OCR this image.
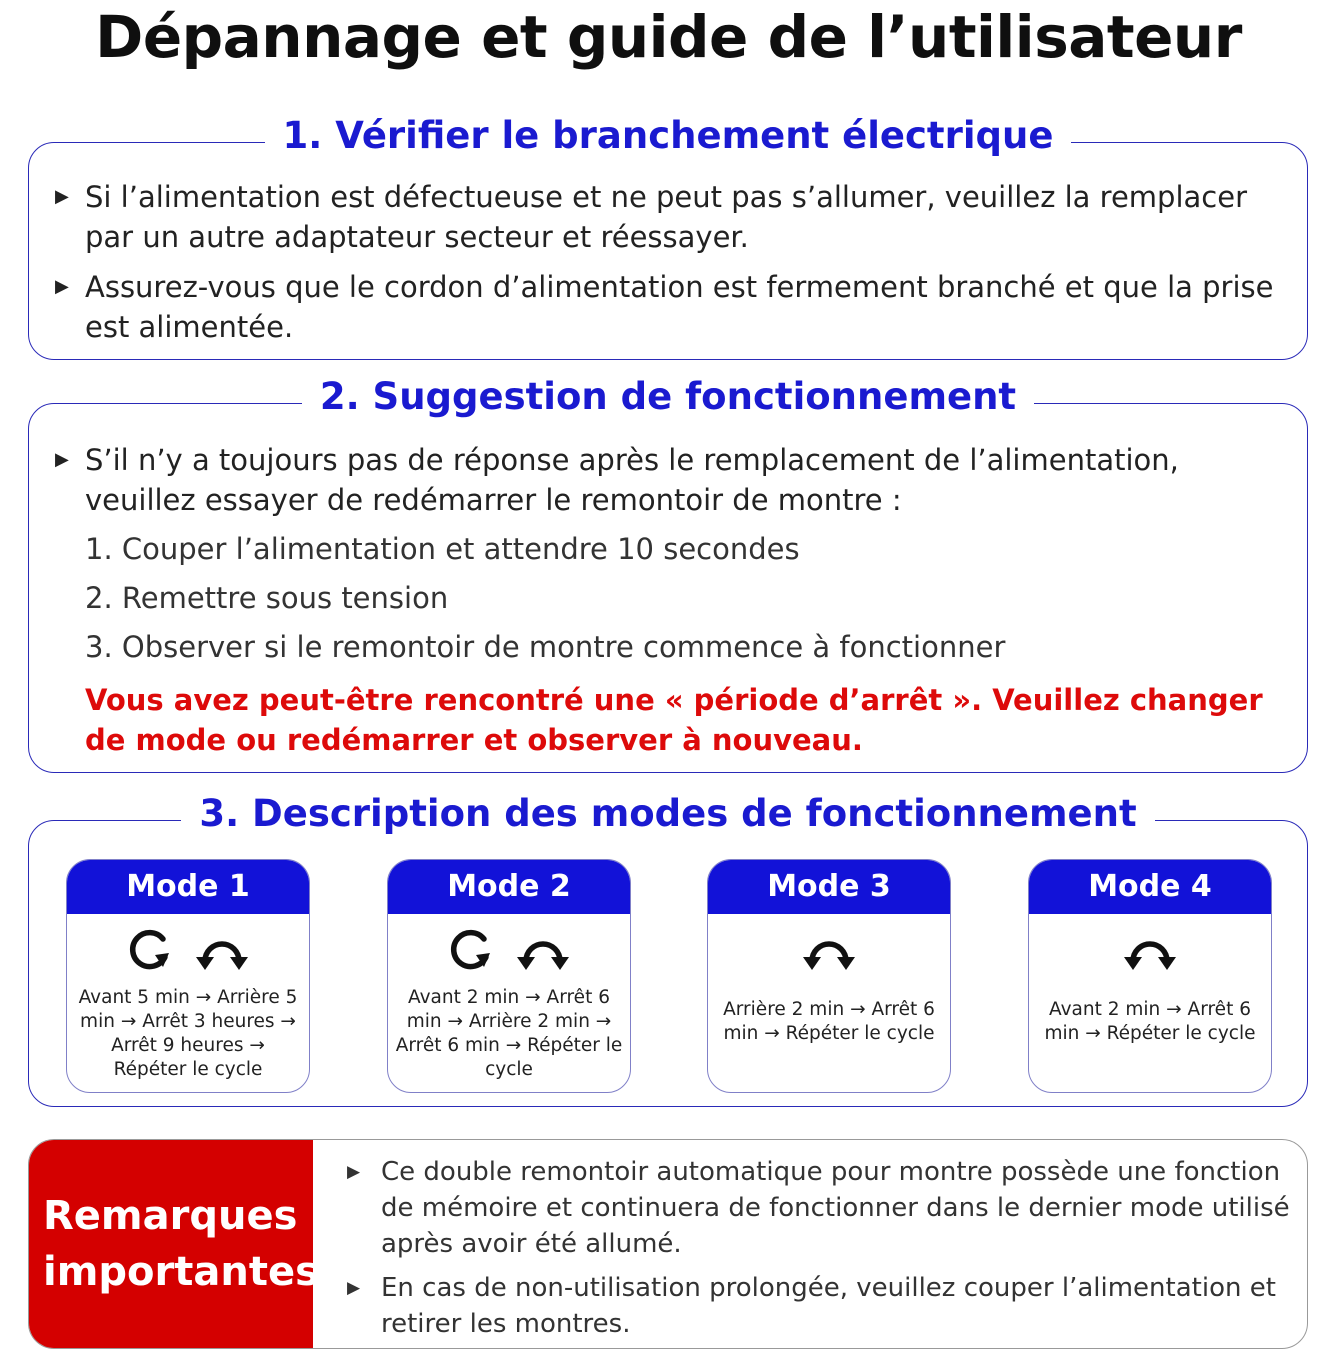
Dépannage et guide de l’utilisateur
1. Vérifier le branchement électrique
▶ Si l’alimentation est défectueuse et ne peut pas s’allumer, veuillez la remplacer par un autre adaptateur secteur et réessayer.
▶ Assurez-vous que le cordon d’alimentation est fermement branché et que la prise est alimentée.
2. Suggestion de fonctionnement
▶ S’il n’y a toujours pas de réponse après le remplacement de l’alimentation, veuillez essayer de redémarrer le remontoir de montre :
1. Couper l’alimentation et attendre 10 secondes
2. Remettre sous tension
3. Observer si le remontoir de montre commence à fonctionner
Vous avez peut-être rencontré une « période d’arrêt ». Veuillez changer de mode ou redémarrer et observer à nouveau.
3. Description des modes de fonctionnement
Mode 1
Avant 5 min → Arrière 5 min → Arrêt 3 heures → Arrêt 9 heures → Répéter le cycle
Mode 2
Avant 2 min → Arrêt 6 min → Arrière 2 min → Arrêt 6 min → Répéter le cycle
Mode 3
Arrière 2 min → Arrêt 6 min → Répéter le cycle
Mode 4
Avant 2 min → Arrêt 6 min → Répéter le cycle
Remarques
importantes
▶ Ce double remontoir automatique pour montre possède une fonction de mémoire et continuera de fonctionner dans le dernier mode utilisé après avoir été allumé.
▶ En cas de non-utilisation prolongée, veuillez couper l’alimentation et retirer les montres.
